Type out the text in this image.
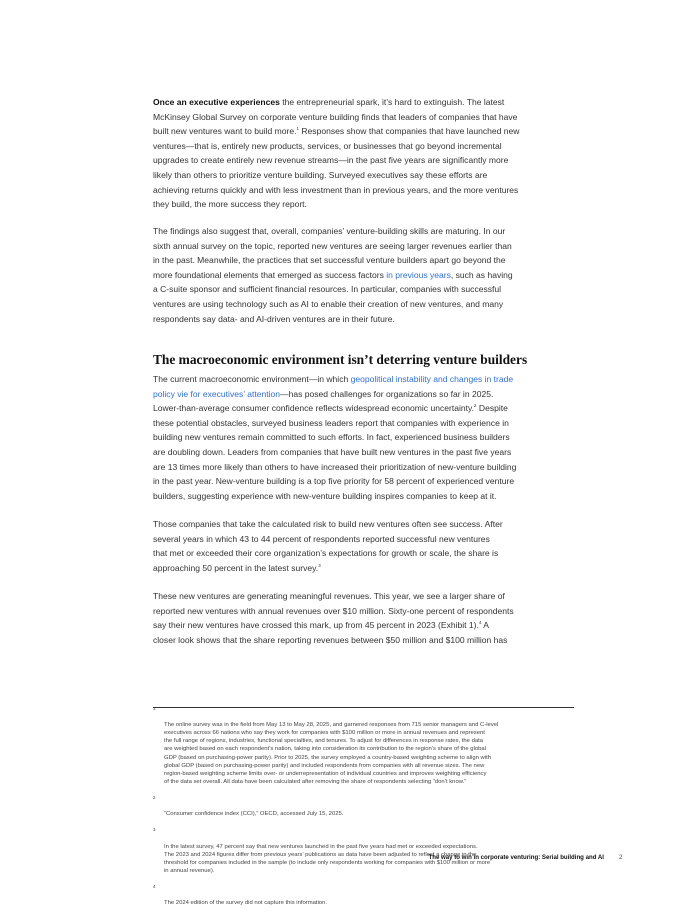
Once an executive experiences the entrepreneurial spark, it’s hard to extinguish. The latest
McKinsey Global Survey on corporate venture building finds that leaders of companies that have
built new ventures want to build more.$^1$ Responses show that companies that have launched new
ventures—that is, entirely new products, services, or businesses that go beyond incremental
upgrades to create entirely new revenue streams—in the past five years are significantly more
likely than others to prioritize venture building. Surveyed executives say these efforts are
achieving returns quickly and with less investment than in previous years, and the more ventures
they build, the more success they report.

The findings also suggest that, overall, companies’ venture-building skills are maturing. In our
sixth annual survey on the topic, reported new ventures are seeing larger revenues earlier than
in the past. Meanwhile, the practices that set successful venture builders apart go beyond the
more foundational elements that emerged as success factors in previous years, such as having
a C-suite sponsor and sufficient financial resources. In particular, companies with successful
ventures are using technology such as AI to enable their creation of new ventures, and many
respondents say data- and AI-driven ventures are in their future.

The macroeconomic environment isn’t deterring venture builders

The current macroeconomic environment—in which geopolitical instability and changes in trade
policy vie for executives’ attention—has posed challenges for organizations so far in 2025.
Lower-than-average consumer confidence reflects widespread economic uncertainty.$^2$ Despite
these potential obstacles, surveyed business leaders report that companies with experience in
building new ventures remain committed to such efforts. In fact, experienced business builders
are doubling down. Leaders from companies that have built new ventures in the past five years
are 13 times more likely than others to have increased their prioritization of new-venture building
in the past year. New-venture building is a top five priority for 58 percent of experienced venture
builders, suggesting experience with new-venture building inspires companies to keep at it.

Those companies that take the calculated risk to build new ventures often see success. After
several years in which 43 to 44 percent of respondents reported successful new ventures
that met or exceeded their core organization’s expectations for growth or scale, the share is
approaching 50 percent in the latest survey.$^3$

These new ventures are generating meaningful revenues. This year, we see a larger share of
reported new ventures with annual revenues over $10 million. Sixty-one percent of respondents
say their new ventures have crossed this mark, up from 45 percent in 2023 (Exhibit 1).$^4$ A
closer look shows that the share reporting revenues between $50 million and $100 million has

1

The online survey was in the field from May 13 to May 28, 2025, and garnered responses from 715 senior managers and C-level
executives across 66 nations who say they work for companies with $100 million or more in annual revenues and represent
the full range of regions, industries, functional specialties, and tenures. To adjust for differences in response rates, the data
are weighted based on each respondent’s nation, taking into consideration its contribution to the region’s share of the global
GDP (based on purchasing-power parity). Prior to 2025, the survey employed a country-based weighting scheme to align with
global GDP (based on purchasing-power parity) and included respondents from companies with all revenue sizes. The new
region-based weighting scheme limits over- or underrepresentation of individual countries and improves weighting efficiency
of the data set overall. All data have been calculated after removing the share of respondents selecting “don’t know.”

2

“Consumer confidence index (CCI),” OECD, accessed July 15, 2025.

3

In the latest survey, 47 percent say that new ventures launched in the past five years had met or exceeded expectations.
The 2023 and 2024 figures differ from previous years’ publications as data have been adjusted to reflect a change in the
threshold for companies included in the sample (to include only respondents working for companies with $100 million or more
in annual revenue).

4

The 2024 edition of the survey did not capture this information.

The way to win in corporate venturing: Serial building and AI 2
